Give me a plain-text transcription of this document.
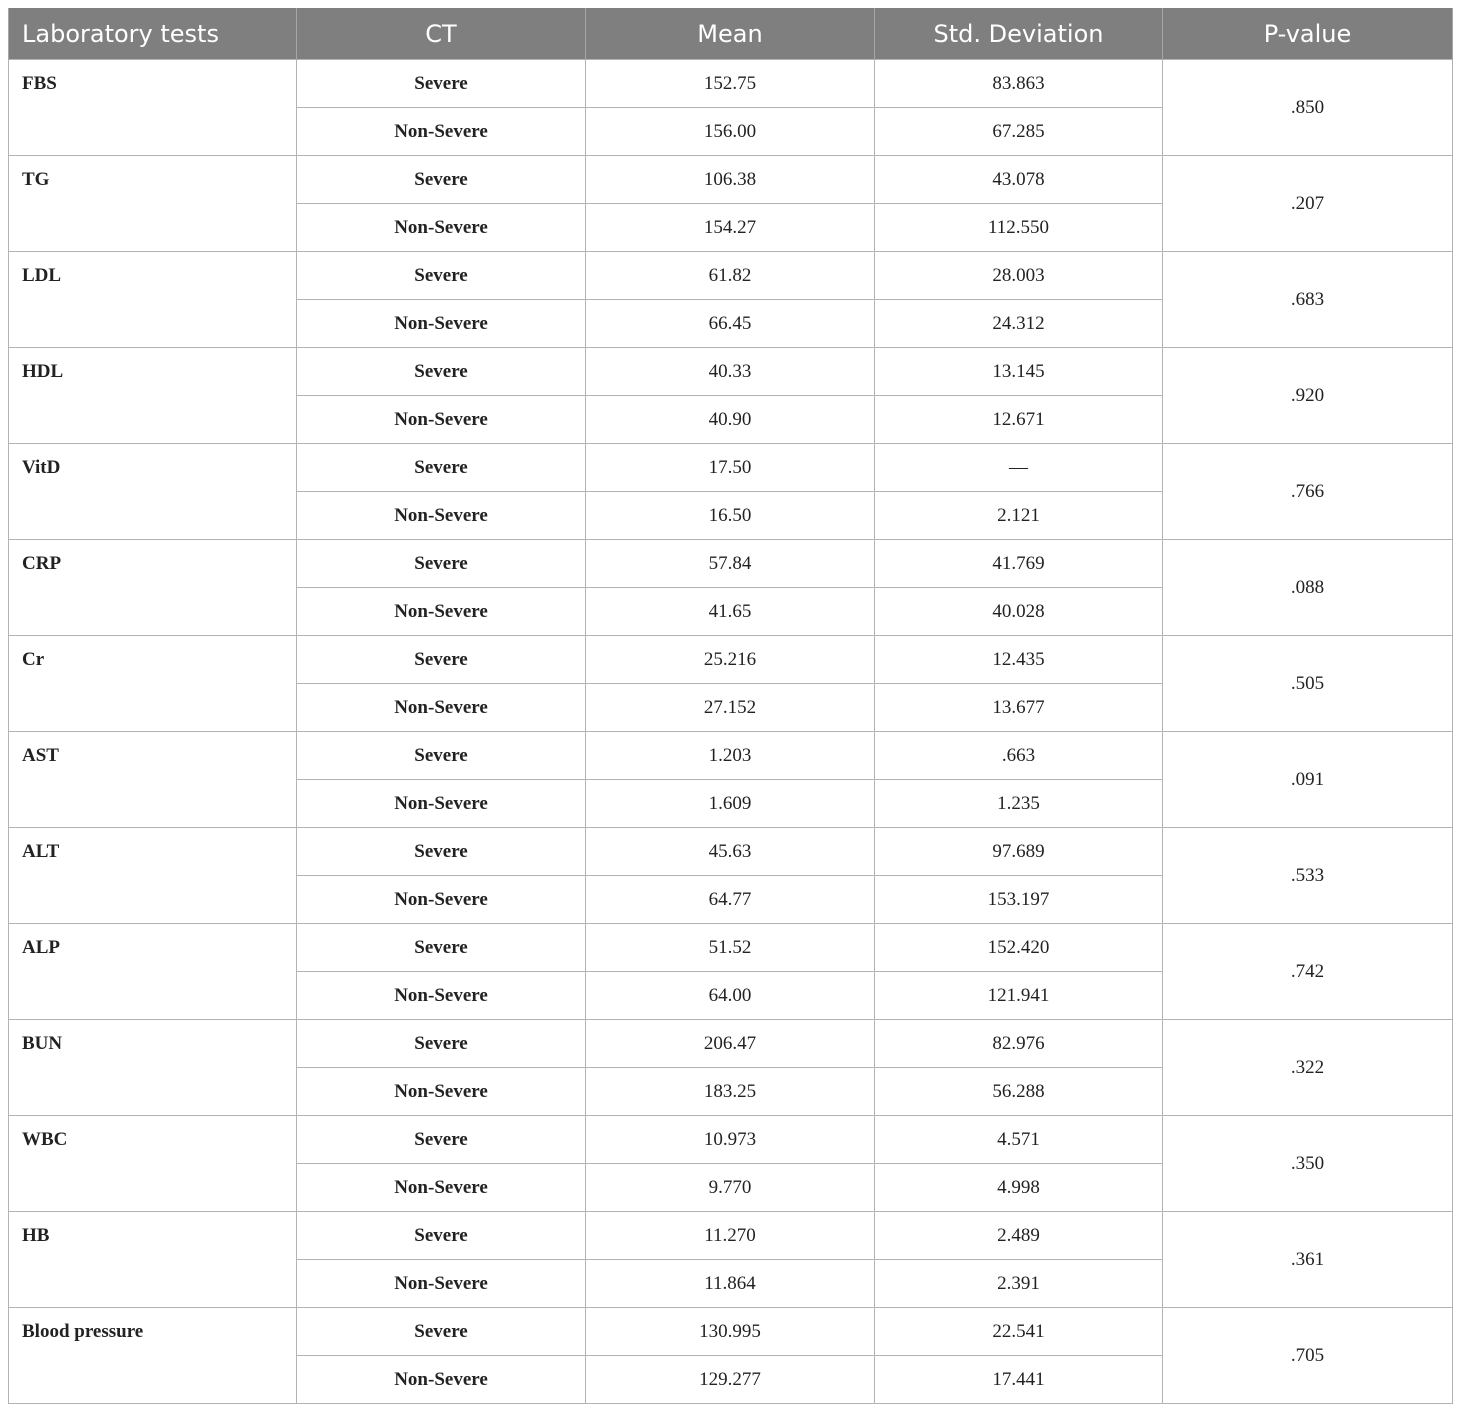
Laboratory tests	CT	Mean	Std. Deviation	P-value
FBS	Severe	152.75	83.863	.850
	Non-Severe	156.00	67.285	
TG	Severe	106.38	43.078	.207
	Non-Severe	154.27	112.550	
LDL	Severe	61.82	28.003	.683
	Non-Severe	66.45	24.312	
HDL	Severe	40.33	13.145	.920
	Non-Severe	40.90	12.671	
VitD	Severe	17.50	—	.766
	Non-Severe	16.50	2.121	
CRP	Severe	57.84	41.769	.088
	Non-Severe	41.65	40.028	
Cr	Severe	25.216	12.435	.505
	Non-Severe	27.152	13.677	
AST	Severe	1.203	.663	.091
	Non-Severe	1.609	1.235	
ALT	Severe	45.63	97.689	.533
	Non-Severe	64.77	153.197	
ALP	Severe	51.52	152.420	.742
	Non-Severe	64.00	121.941	
BUN	Severe	206.47	82.976	.322
	Non-Severe	183.25	56.288	
WBC	Severe	10.973	4.571	.350
	Non-Severe	9.770	4.998	
HB	Severe	11.270	2.489	.361
	Non-Severe	11.864	2.391	
Blood pressure	Severe	130.995	22.541	.705
	Non-Severe	129.277	17.441	
